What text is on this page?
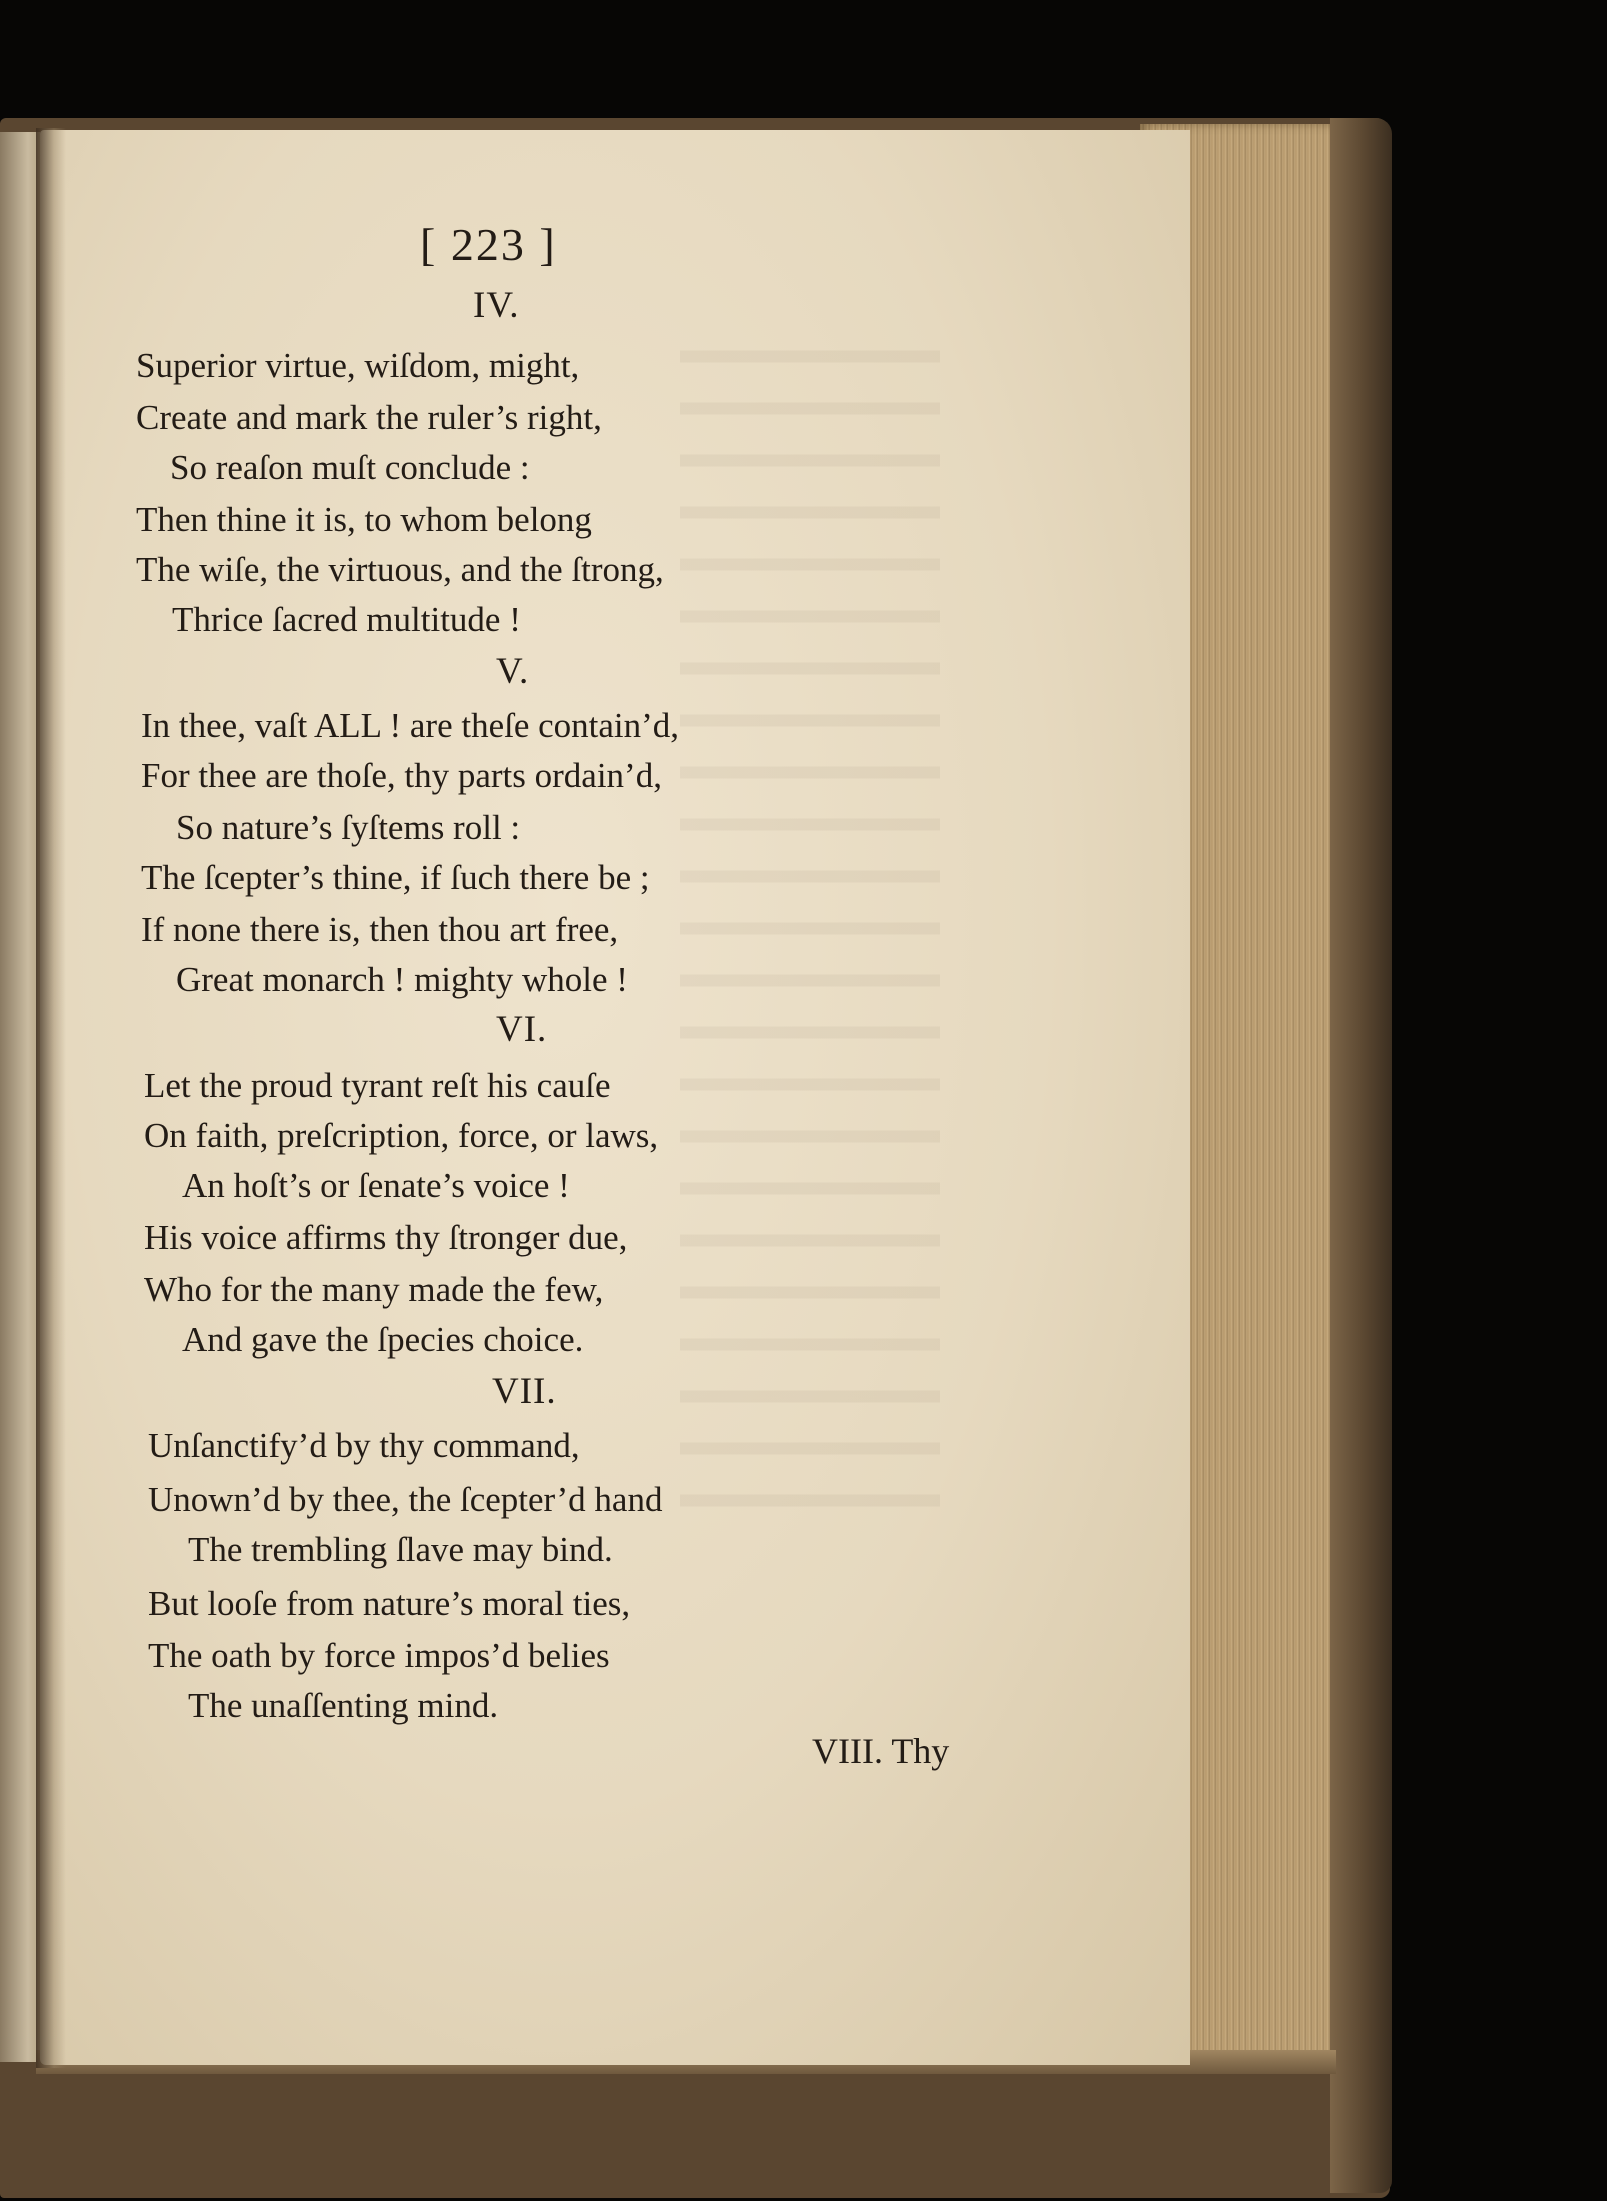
[ 223 ]
IV.

Superior virtue, wiſdom, might,

Create and mark the ruler’s right,

So reaſon muſt conclude :

Then thine it is, to whom belong

The wiſe, the virtuous, and the ſtrong,

Thrice ſacred multitude !

V.

In thee, vaſt ALL ! are theſe contain’d,

For thee are thoſe, thy parts ordain’d,

So nature’s ſyſtems roll :

The ſcepter’s thine, if ſuch there be ;

If none there is, then thou art free,

Great monarch ! mighty whole !

VI.

Let the proud tyrant reſt his cauſe

On faith, preſcription, force, or laws,

An hoſt’s or ſenate’s voice !

His voice affirms thy ſtronger due,

Who for the many made the few,

And gave the ſpecies choice.

VII.

Unſanctify’d by thy command,

Unown’d by thee, the ſcepter’d hand

The trembling ſlave may bind.

But looſe from nature’s moral ties,

The oath by force impos’d belies

The unaſſenting mind.

VIII. Thy
